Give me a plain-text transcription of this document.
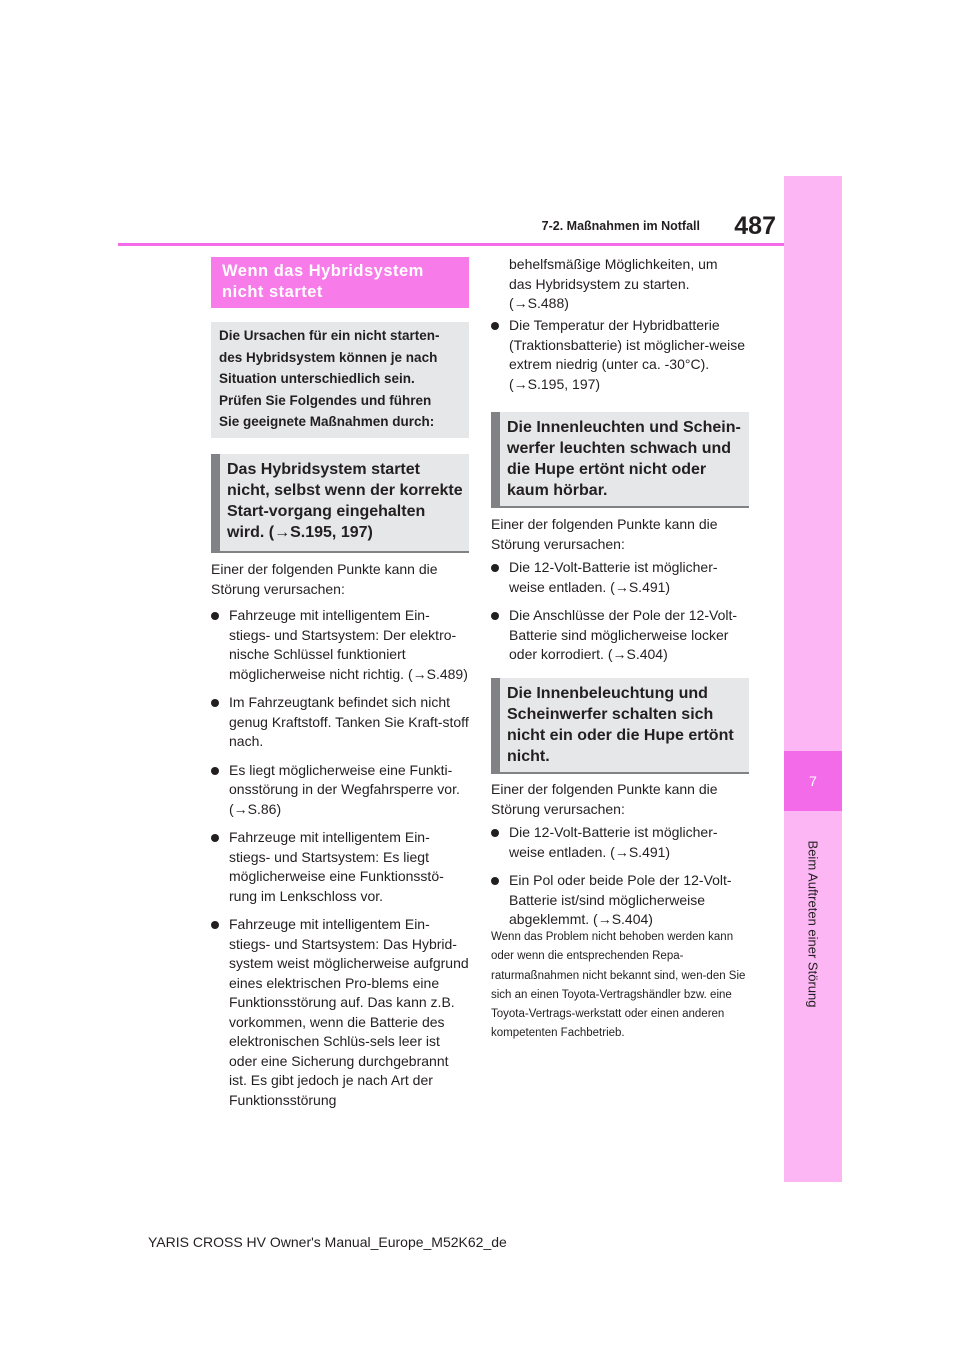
7
Beim Auftreten einer Störung
7-2. Maßnahmen im Notfall	487
Wenn das Hybridsystem nicht startet

Die Ursachen für ein nicht starten-

des Hybridsystem können je nach

Situation unterschiedlich sein.

Prüfen Sie Folgendes und führen

Sie geeignete Maßnahmen durch:

Das Hybridsystem startet nicht, selbst wenn der korrekte Start-vorgang eingehalten wird. (→S.195, 197)
Einer der folgenden Punkte kann die Störung verursachen:
Fahrzeuge mit intelligentem Ein-stiegs- und Startsystem: Der elektro-nische Schlüssel funktioniert möglicherweise nicht richtig. (→S.489)
Im Fahrzeugtank befindet sich nicht genug Kraftstoff. Tanken Sie Kraft-stoff nach.
Es liegt möglicherweise eine Funkti-onsstörung in der Wegfahrsperre vor. (→S.86)
Fahrzeuge mit intelligentem Ein-stiegs- und Startsystem: Es liegt möglicherweise eine Funktionsstö-rung im Lenkschloss vor.
Fahrzeuge mit intelligentem Ein-stiegs- und Startsystem: Das Hybrid-system weist möglicherweise aufgrund eines elektrischen Pro-blems eine Funktionsstörung auf. Das kann z.B. vorkommen, wenn die Batterie des elektronischen Schlüs-sels leer ist oder eine Sicherung durchgebrannt ist. Es gibt jedoch je nach Art der Funktionsstörung
behelfsmäßige Möglichkeiten, um das Hybridsystem zu starten. (→S.488)
Die Temperatur der Hybridbatterie (Traktionsbatterie) ist möglicher-weise extrem niedrig (unter ca. -30°C). (→S.195, 197)
Die Innenleuchten und Schein-werfer leuchten schwach und die Hupe ertönt nicht oder kaum hörbar.
Einer der folgenden Punkte kann die Störung verursachen:
Die 12-Volt-Batterie ist möglicher-weise entladen. (→S.491)
Die Anschlüsse der Pole der 12-Volt-Batterie sind möglicherweise locker oder korrodiert. (→S.404)
Die Innenbeleuchtung und Scheinwerfer schalten sich nicht ein oder die Hupe ertönt nicht.
Einer der folgenden Punkte kann die Störung verursachen:
Die 12-Volt-Batterie ist möglicher-weise entladen. (→S.491)
Ein Pol oder beide Pole der 12-Volt-Batterie ist/sind möglicherweise abgeklemmt. (→S.404)
Wenn das Problem nicht behoben werden kann oder wenn die entsprechenden Repa-raturmaßnahmen nicht bekannt sind, wen-den Sie sich an einen Toyota-Vertragshändler bzw. eine Toyota-Vertrags-werkstatt oder einen anderen kompetenten Fachbetrieb.
YARIS CROSS HV Owner's Manual_Europe_M52K62_de
